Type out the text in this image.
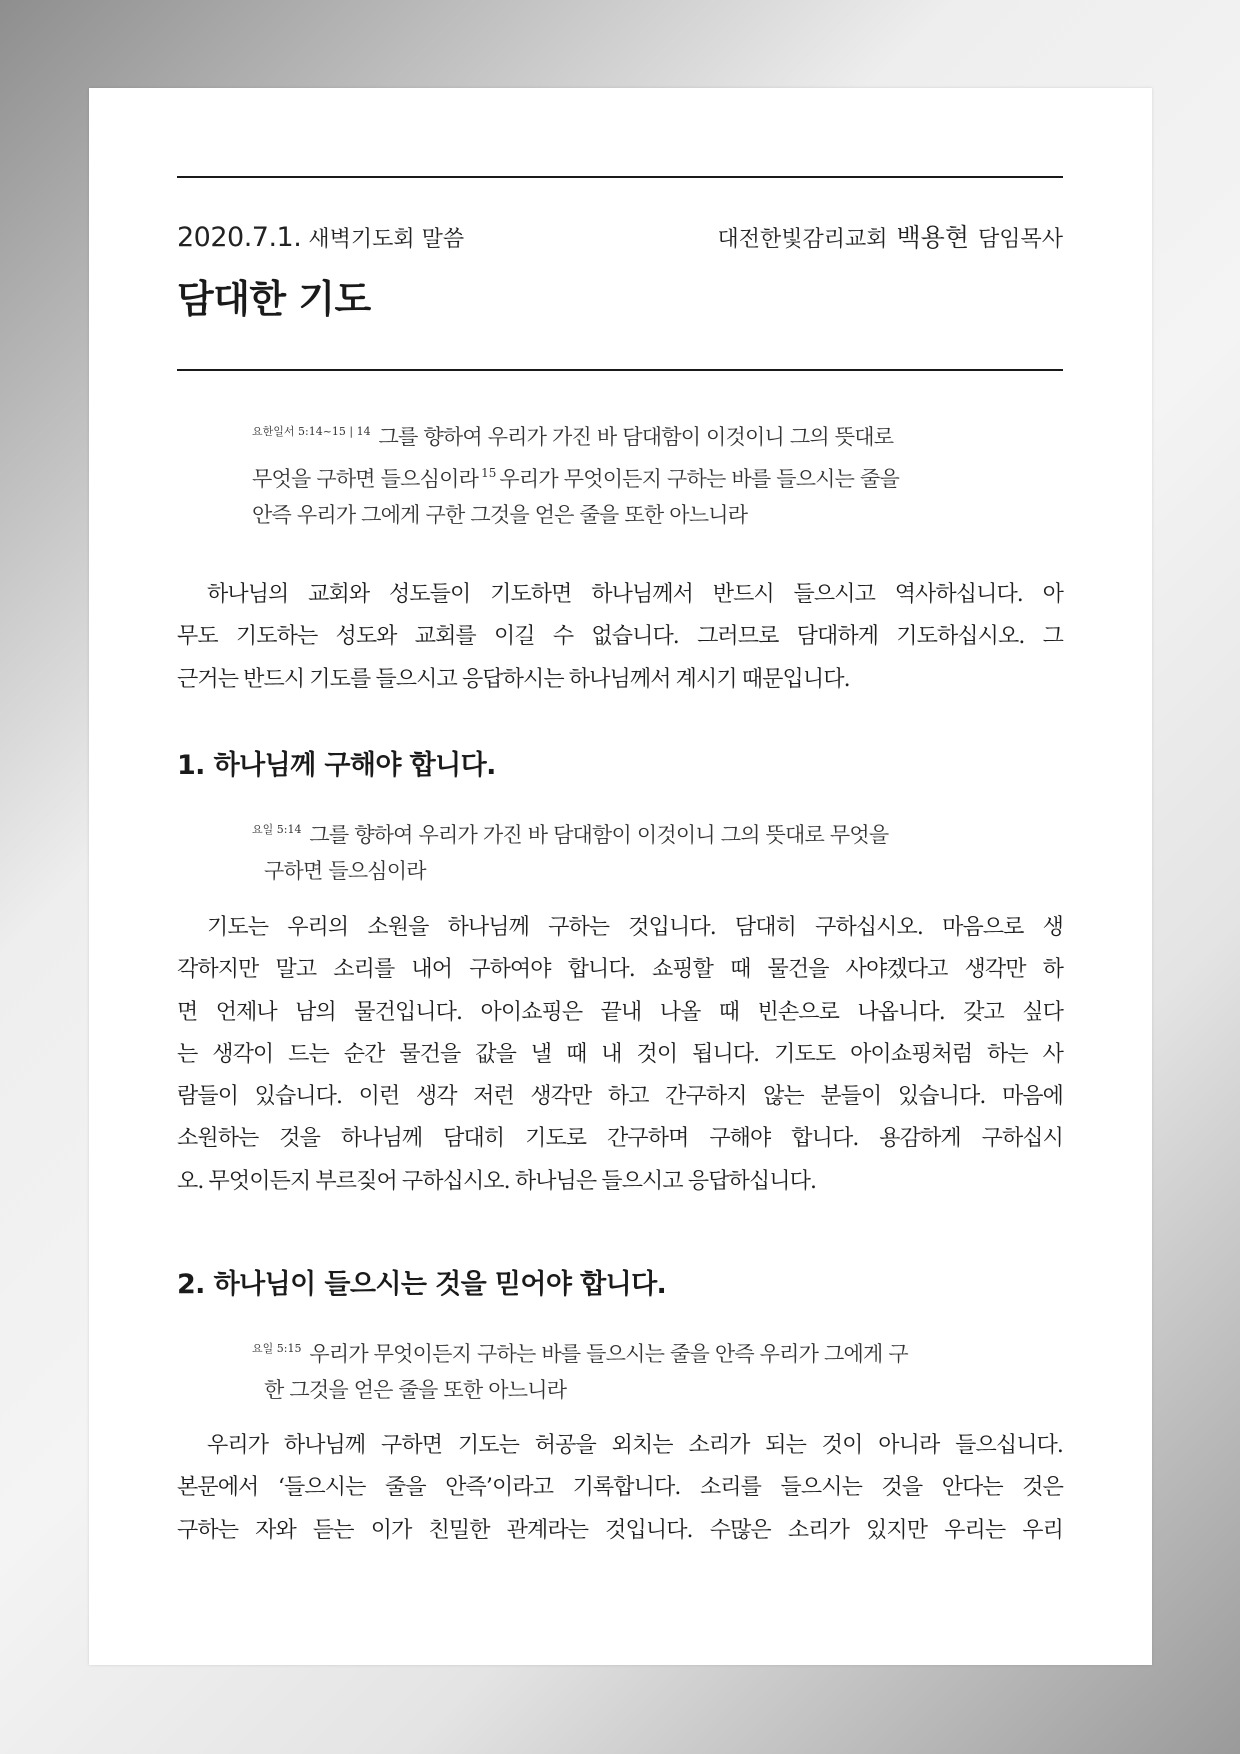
2020.7.1. 새벽기도회 말씀	대전한빛감리교회 백용현 담임목사
담대한 기도
$^{요한일서 5:14\sim 15 | 14}$ 그를 향하여 우리가 가진 바 담대함이 이것이니 그의 뜻대로
무엇을 구하면 들으심이라 $^{15}$ 우리가 무엇이든지 구하는 바를 들으시는 줄을
안즉 우리가 그에게 구한 그것을 얻은 줄을 또한 아느니라
하나님의 교회와 성도들이 기도하면 하나님께서 반드시 들으시고 역사하십니다. 아
무도 기도하는 성도와 교회를 이길 수 없습니다. 그러므로 담대하게 기도하십시오. 그
근거는 반드시 기도를 들으시고 응답하시는 하나님께서 계시기 때문입니다.
1. 하나님께 구해야 합니다.
$^{요일 5:14}$ 그를 향하여 우리가 가진 바 담대함이 이것이니 그의 뜻대로 무엇을
구하면 들으심이라
기도는 우리의 소원을 하나님께 구하는 것입니다. 담대히 구하십시오. 마음으로 생
각하지만 말고 소리를 내어 구하여야 합니다. 쇼핑할 때 물건을 사야겠다고 생각만 하
면 언제나 남의 물건입니다. 아이쇼핑은 끝내 나올 때 빈손으로 나옵니다. 갖고 싶다
는 생각이 드는 순간 물건을 값을 낼 때 내 것이 됩니다. 기도도 아이쇼핑처럼 하는 사
람들이 있습니다. 이런 생각 저런 생각만 하고 간구하지 않는 분들이 있습니다. 마음에
소원하는 것을 하나님께 담대히 기도로 간구하며 구해야 합니다. 용감하게 구하십시
오. 무엇이든지 부르짖어 구하십시오. 하나님은 들으시고 응답하십니다.
2. 하나님이 들으시는 것을 믿어야 합니다.
$^{요일 5:15}$ 우리가 무엇이든지 구하는 바를 들으시는 줄을 안즉 우리가 그에게 구
한 그것을 얻은 줄을 또한 아느니라
우리가 하나님께 구하면 기도는 허공을 외치는 소리가 되는 것이 아니라 들으십니다.
본문에서 ‘들으시는 줄을 안즉’이라고 기록합니다. 소리를 들으시는 것을 안다는 것은
구하는 자와 듣는 이가 친밀한 관계라는 것입니다. 수많은 소리가 있지만 우리는 우리
